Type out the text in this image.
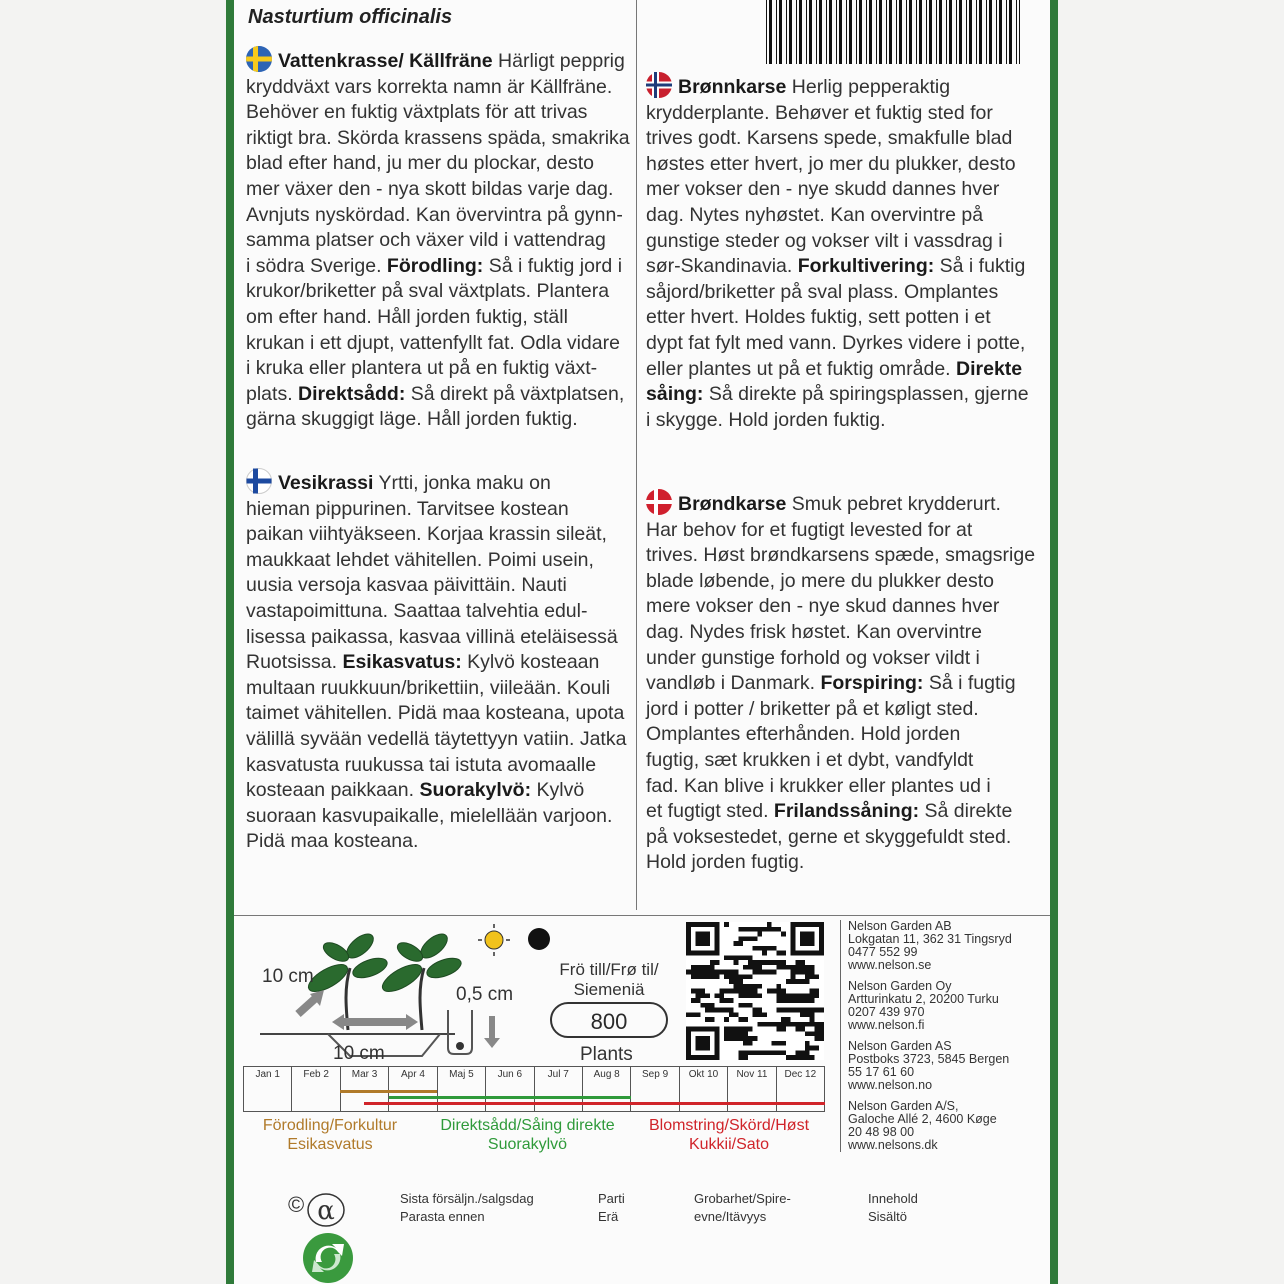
Nasturtium officinalis
Vattenkrasse/ Källfräne Härligt pepprig
kryddväxt vars korrekta namn är Källfräne.
Behöver en fuktig växtplats för att trivas
riktigt bra. Skörda krassens späda, smakrika
blad efter hand, ju mer du plockar, desto
mer växer den - nya skott bildas varje dag.
Avnjuts nyskördad. Kan övervintra på gynn-
samma platser och växer vild i vattendrag
i södra Sverige. Förodling: Så i fuktig jord i
krukor/briketter på sval växtplats. Plantera
om efter hand. Håll jorden fuktig, ställ
krukan i ett djupt, vattenfyllt fat. Odla vidare
i kruka eller plantera ut på en fuktig växt-
plats. Direktsådd: Så direkt på växtplatsen,
gärna skuggigt läge. Håll jorden fuktig.
Brønnkarse Herlig pepperaktig
krydderplante. Behøver et fuktig sted for
trives godt. Karsens spede, smakfulle blad
høstes etter hvert, jo mer du plukker, desto
mer vokser den - nye skudd dannes hver
dag. Nytes nyhøstet. Kan overvintre på
gunstige steder og vokser vilt i vassdrag i
sør-Skandinavia. Forkultivering: Så i fuktig
såjord/briketter på sval plass. Omplantes
etter hvert. Holdes fuktig, sett potten i et
dypt fat fylt med vann. Dyrkes videre i potte,
eller plantes ut på et fuktig område. Direkte
såing: Så direkte på spiringsplassen, gjerne
i skygge. Hold jorden fuktig.
Vesikrassi Yrtti, jonka maku on
hieman pippurinen. Tarvitsee kostean
paikan viihtyäkseen. Korjaa krassin sileät,
maukkaat lehdet vähitellen. Poimi usein,
uusia versoja kasvaa päivittäin. Nauti
vastapoimittuna. Saattaa talvehtia edul-
lisessa paikassa, kasvaa villinä eteläisessä
Ruotsissa. Esikasvatus: Kylvö kosteaan
multaan ruukkuun/brikettiin, viileään. Kouli
taimet vähitellen. Pidä maa kosteana, upota
välillä syvään vedellä täytettyyn vatiin. Jatka
kasvatusta ruukussa tai istuta avomaalle
kosteaan paikkaan. Suorakylvö: Kylvö
suoraan kasvupaikalle, mielellään varjoon.
Pidä maa kosteana.
Brøndkarse Smuk pebret krydderurt.
Har behov for et fugtigt levested for at
trives. Høst brøndkarsens spæde, smagsrige
blade løbende, jo mere du plukker desto
mere vokser den - nye skud dannes hver
dag. Nydes frisk høstet. Kan overvintre
under gunstige forhold og vokser vildt i
vandløb i Danmark. Forspiring: Så i fugtig
jord i potter / briketter på et køligt sted.
Omplantes efterhånden. Hold jorden
fugtig, sæt krukken i et dybt, vandfyldt
fad. Kan blive i krukker eller plantes ud i
et fugtigt sted. Frilandssåning: Så direkte
på voksestedet, gerne et skyggefuldt sted.
Hold jorden fugtig.
10 cm
10 cm
0,5 cm
Frö till/Frø til/
Siemeniä
800
Plants
Jan 1	Feb 2	Mar 3	Apr 4	Maj 5	Jun 6	Jul 7	Aug 8	Sep 9	Okt 10	Nov 11	Dec 12
Förodling/Forkultur
Esikasvatus
Direktsådd/Såing direkte
Suorakylvö
Blomstring/Skörd/Høst
Kukkii/Sato
Nelson Garden AB
Lokgatan 11, 362 31 Tingsryd
0477 552 99
www.nelson.se
Nelson Garden Oy
Artturinkatu 2, 20200 Turku
0207 439 970
www.nelson.fi
Nelson Garden AS
Postboks 3723, 5845 Bergen
55 17 61 60
www.nelson.no
Nelson Garden A/S,
Galoche Allé 2, 4600 Køge
20 48 98 00
www.nelsons.dk
© α	Sista försäljn./salgsdag
Parasta ennen
Parti
Erä
Grobarhet/Spire-
evne/Itävyys
Innehold
Sisältö
